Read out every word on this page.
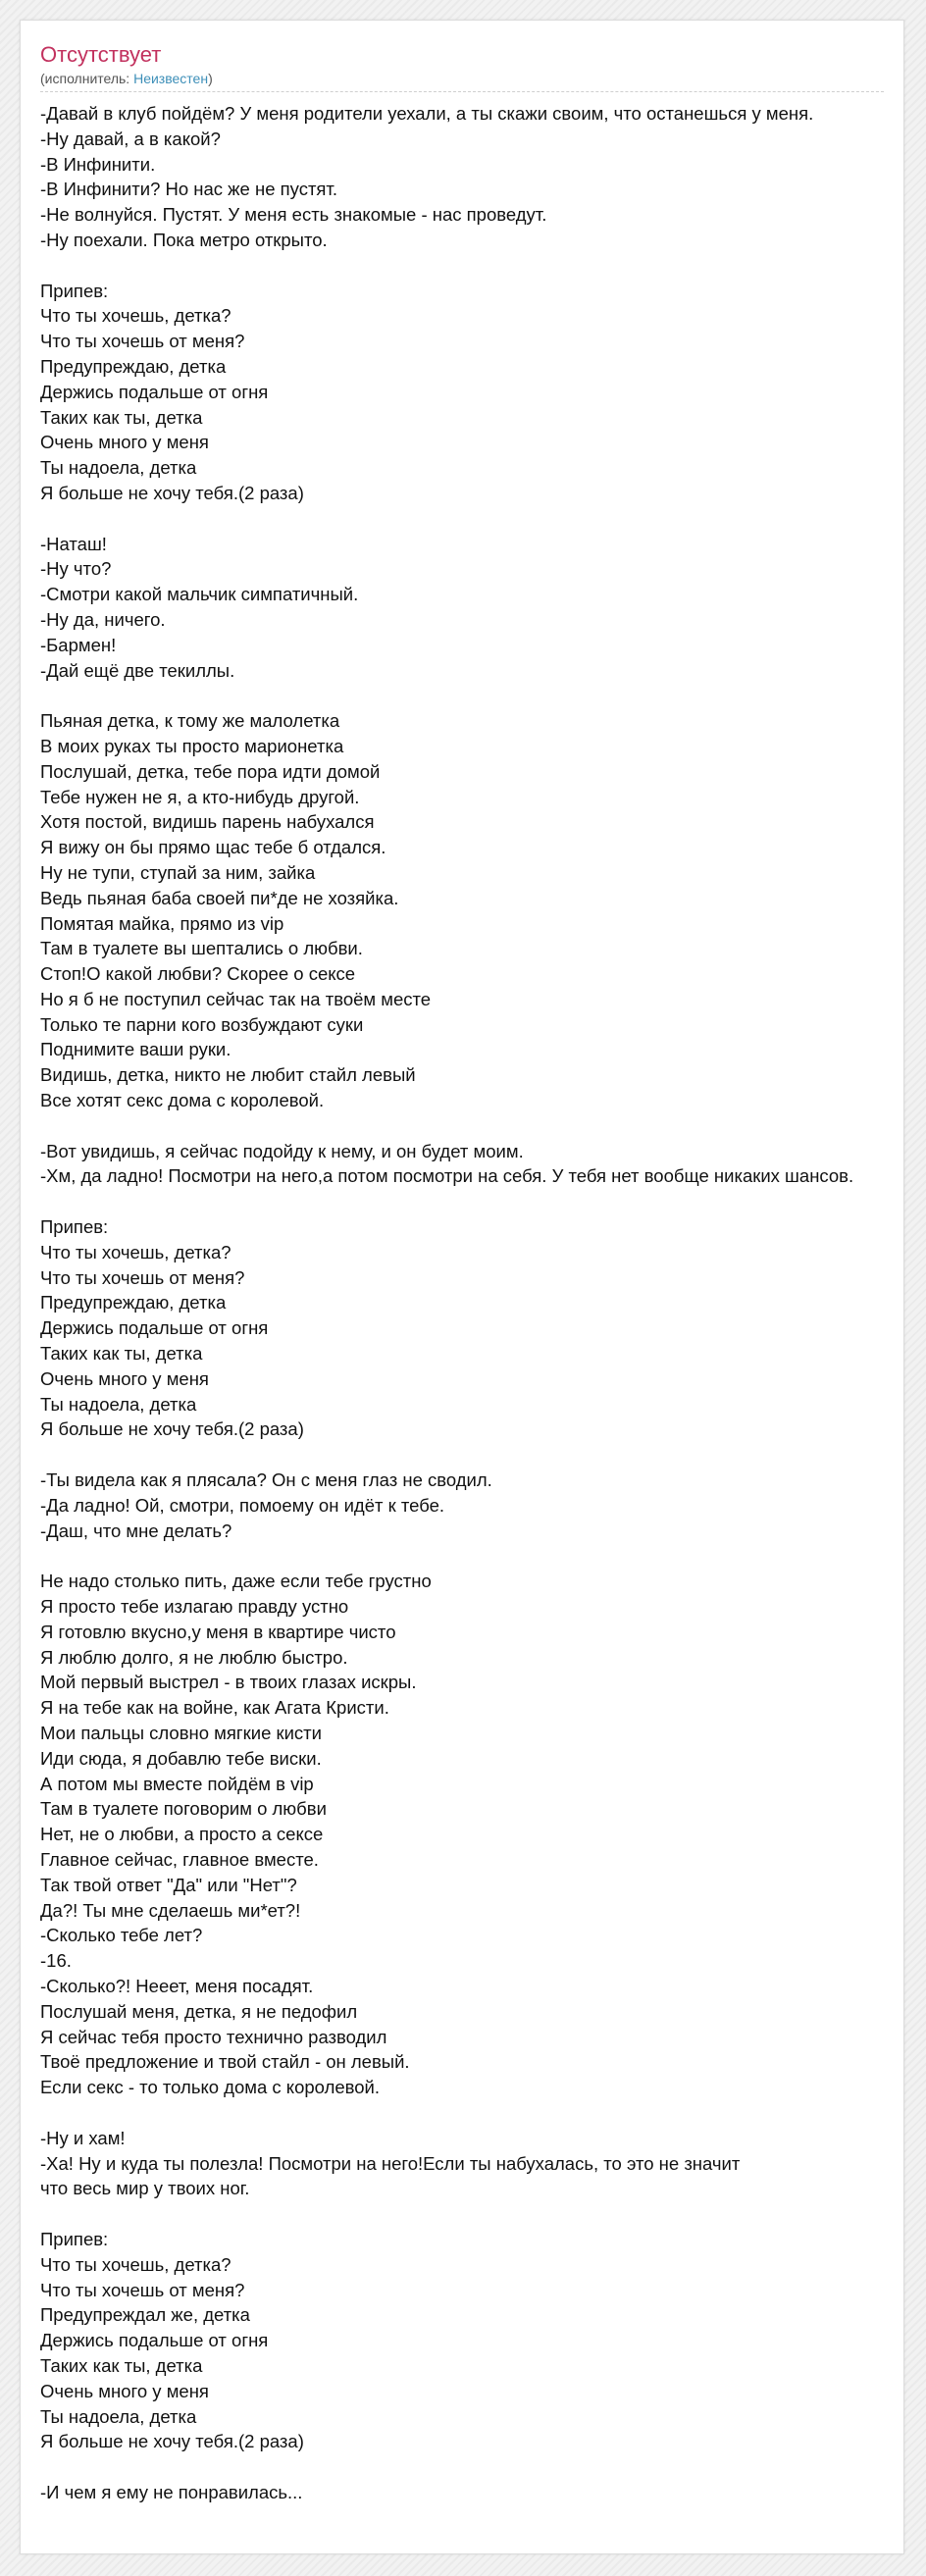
Отсутствует
(исполнитель: Неизвестен)
-Давай в клуб пойдём? У меня родители уехали, а ты скажи своим, что останешься у меня.
-Ну давай, а в какой?
-В Инфинити.
-В Инфинити? Но нас же не пустят.
-Не волнуйся. Пустят. У меня есть знакомые - нас проведут.
-Ну поехали. Пока метро открыто.
Припев:
Что ты хочешь, детка?
Что ты хочешь от меня?
Предупреждаю, детка
Держись подальше от огня
Таких как ты, детка
Очень много у меня
Ты надоела, детка
Я больше не хочу тебя.(2 раза)
-Наташ!
-Ну что?
-Смотри какой мальчик симпатичный.
-Ну да, ничего.
-Бармен!
-Дай ещё две текиллы.
Пьяная детка, к тому же малолетка
В моих руках ты просто марионетка
Послушай, детка, тебе пора идти домой
Тебе нужен не я, а кто-нибудь другой.
Хотя постой, видишь парень набухался
Я вижу он бы прямо щас тебе б отдался.
Ну не тупи, ступай за ним, зайка
Ведь пьяная баба своей пи*де не хозяйка.
Помятая майка, прямо из vip
Там в туалете вы шептались о любви.
Стоп!О какой любви? Скорее о сексе
Но я б не поступил сейчас так на твоём месте
Только те парни кого возбуждают суки
Поднимите ваши руки.
Видишь, детка, никто не любит стайл левый
Все хотят секс дома с королевой.
-Вот увидишь, я сейчас подойду к нему, и он будет моим.
-Хм, да ладно! Посмотри на него,а потом посмотри на себя. У тебя нет вообще никаких шансов.
Припев:
Что ты хочешь, детка?
Что ты хочешь от меня?
Предупреждаю, детка
Держись подальше от огня
Таких как ты, детка
Очень много у меня
Ты надоела, детка
Я больше не хочу тебя.(2 раза)
-Ты видела как я плясала? Он с меня глаз не сводил.
-Да ладно! Ой, смотри, помоему он идёт к тебе.
-Даш, что мне делать?
Не надо столько пить, даже если тебе грустно
Я просто тебе излагаю правду устно
Я готовлю вкусно,у меня в квартире чисто
Я люблю долго, я не люблю быстро.
Мой первый выстрел - в твоих глазах искры.
Я на тебе как на войне, как Агата Кристи.
Мои пальцы словно мягкие кисти
Иди сюда, я добавлю тебе виски.
А потом мы вместе пойдём в vip
Там в туалете поговорим о любви
Нет, не о любви, а просто а сексе
Главное сейчас, главное вместе.
Так твой ответ "Да" или "Нет"?
Да?! Ты мне сделаешь ми*ет?!
-Сколько тебе лет?
-16.
-Сколько?! Нееет, меня посадят.
Послушай меня, детка, я не педофил
Я сейчас тебя просто технично разводил
Твоё предложение и твой стайл - он левый.
Если секс - то только дома с королевой.
-Ну и хам!
-Ха! Ну и куда ты полезла! Посмотри на него!Если ты набухалась, то это не значит
что весь мир у твоих ног.
Припев:
Что ты хочешь, детка?
Что ты хочешь от меня?
Предупреждал же, детка
Держись подальше от огня
Таких как ты, детка
Очень много у меня
Ты надоела, детка
Я больше не хочу тебя.(2 раза)
-И чем я ему не понравилась...
